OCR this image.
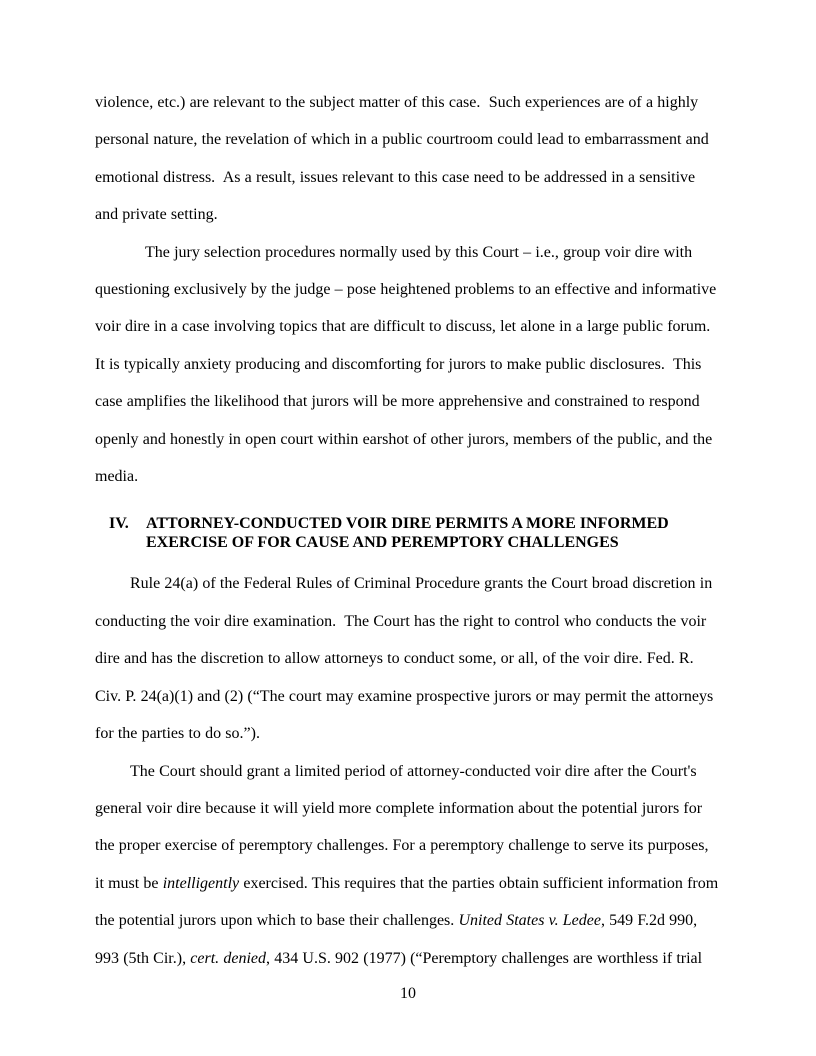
violence, etc.) are relevant to the subject matter of this case.  Such experiences are of a highly personal nature, the revelation of which in a public courtroom could lead to embarrassment and emotional distress.  As a result, issues relevant to this case need to be addressed in a sensitive and private setting.

The jury selection procedures normally used by this Court – i.e., group voir dire with questioning exclusively by the judge – pose heightened problems to an effective and informative voir dire in a case involving topics that are difficult to discuss, let alone in a large public forum. It is typically anxiety producing and discomforting for jurors to make public disclosures.  This case amplifies the likelihood that jurors will be more apprehensive and constrained to respond openly and honestly in open court within earshot of other jurors, members of the public, and the media.

IV.	ATTORNEY-CONDUCTED VOIR DIRE PERMITS A MORE INFORMED EXERCISE OF FOR CAUSE AND PEREMPTORY CHALLENGES

Rule 24(a) of the Federal Rules of Criminal Procedure grants the Court broad discretion in conducting the voir dire examination.  The Court has the right to control who conducts the voir dire and has the discretion to allow attorneys to conduct some, or all, of the voir dire. Fed. R. Civ. P. 24(a)(1) and (2) (“The court may examine prospective jurors or may permit the attorneys for the parties to do so.”).

The Court should grant a limited period of attorney-conducted voir dire after the Court's general voir dire because it will yield more complete information about the potential jurors for the proper exercise of peremptory challenges. For a peremptory challenge to serve its purposes, it must be intelligently exercised. This requires that the parties obtain sufficient information from the potential jurors upon which to base their challenges. United States v. Ledee, 549 F.2d 990, 993 (5th Cir.), cert. denied, 434 U.S. 902 (1977) (“Peremptory challenges are worthless if trial

10
